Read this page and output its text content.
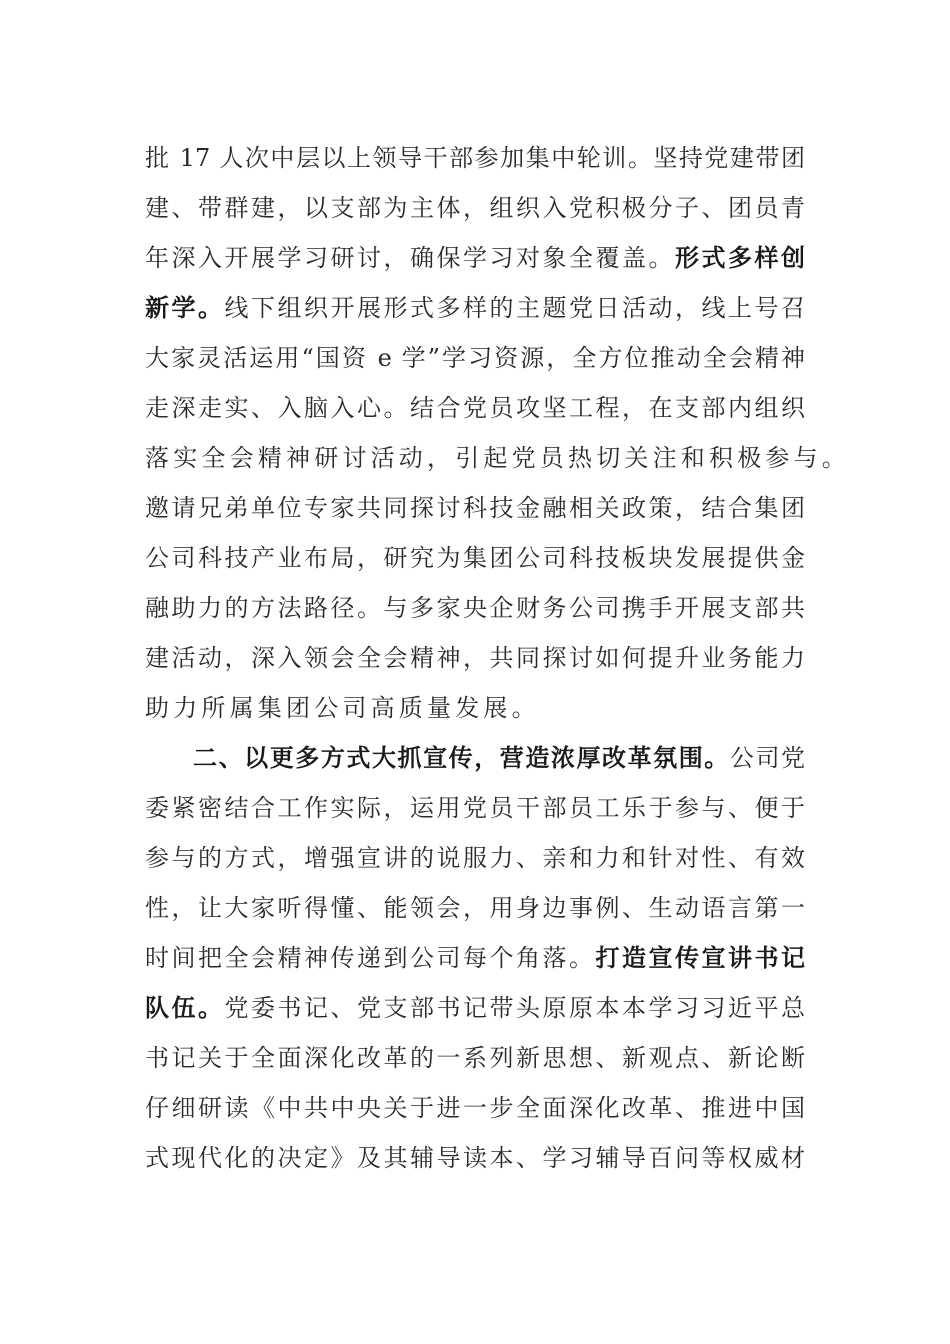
批 17 人次中层以上领导干部参加集中轮训。坚持党建带团
建、带群建，以支部为主体，组织入党积极分子、团员青
年深入开展学习研讨，确保学习对象全覆盖。形式多样创
新学。线下组织开展形式多样的主题党日活动，线上号召
大家灵活运用“国资 e 学”学习资源，全方位推动全会精神
走深走实、入脑入心。结合党员攻坚工程，在支部内组织
落实全会精神研讨活动，引起党员热切关注和积极参与。
邀请兄弟单位专家共同探讨科技金融相关政策，结合集团
公司科技产业布局，研究为集团公司科技板块发展提供金
融助力的方法路径。与多家央企财务公司携手开展支部共
建活动，深入领会全会精神，共同探讨如何提升业务能力
助力所属集团公司高质量发展。
二、以更多方式大抓宣传，营造浓厚改革氛围。公司党
委紧密结合工作实际，运用党员干部员工乐于参与、便于
参与的方式，增强宣讲的说服力、亲和力和针对性、有效
性，让大家听得懂、能领会，用身边事例、生动语言第一
时间把全会精神传递到公司每个角落。打造宣传宣讲书记
队伍。党委书记、党支部书记带头原原本本学习习近平总
书记关于全面深化改革的一系列新思想、新观点、新论断
仔细研读《中共中央关于进一步全面深化改革、推进中国
式现代化的决定》及其辅导读本、学习辅导百问等权威材
